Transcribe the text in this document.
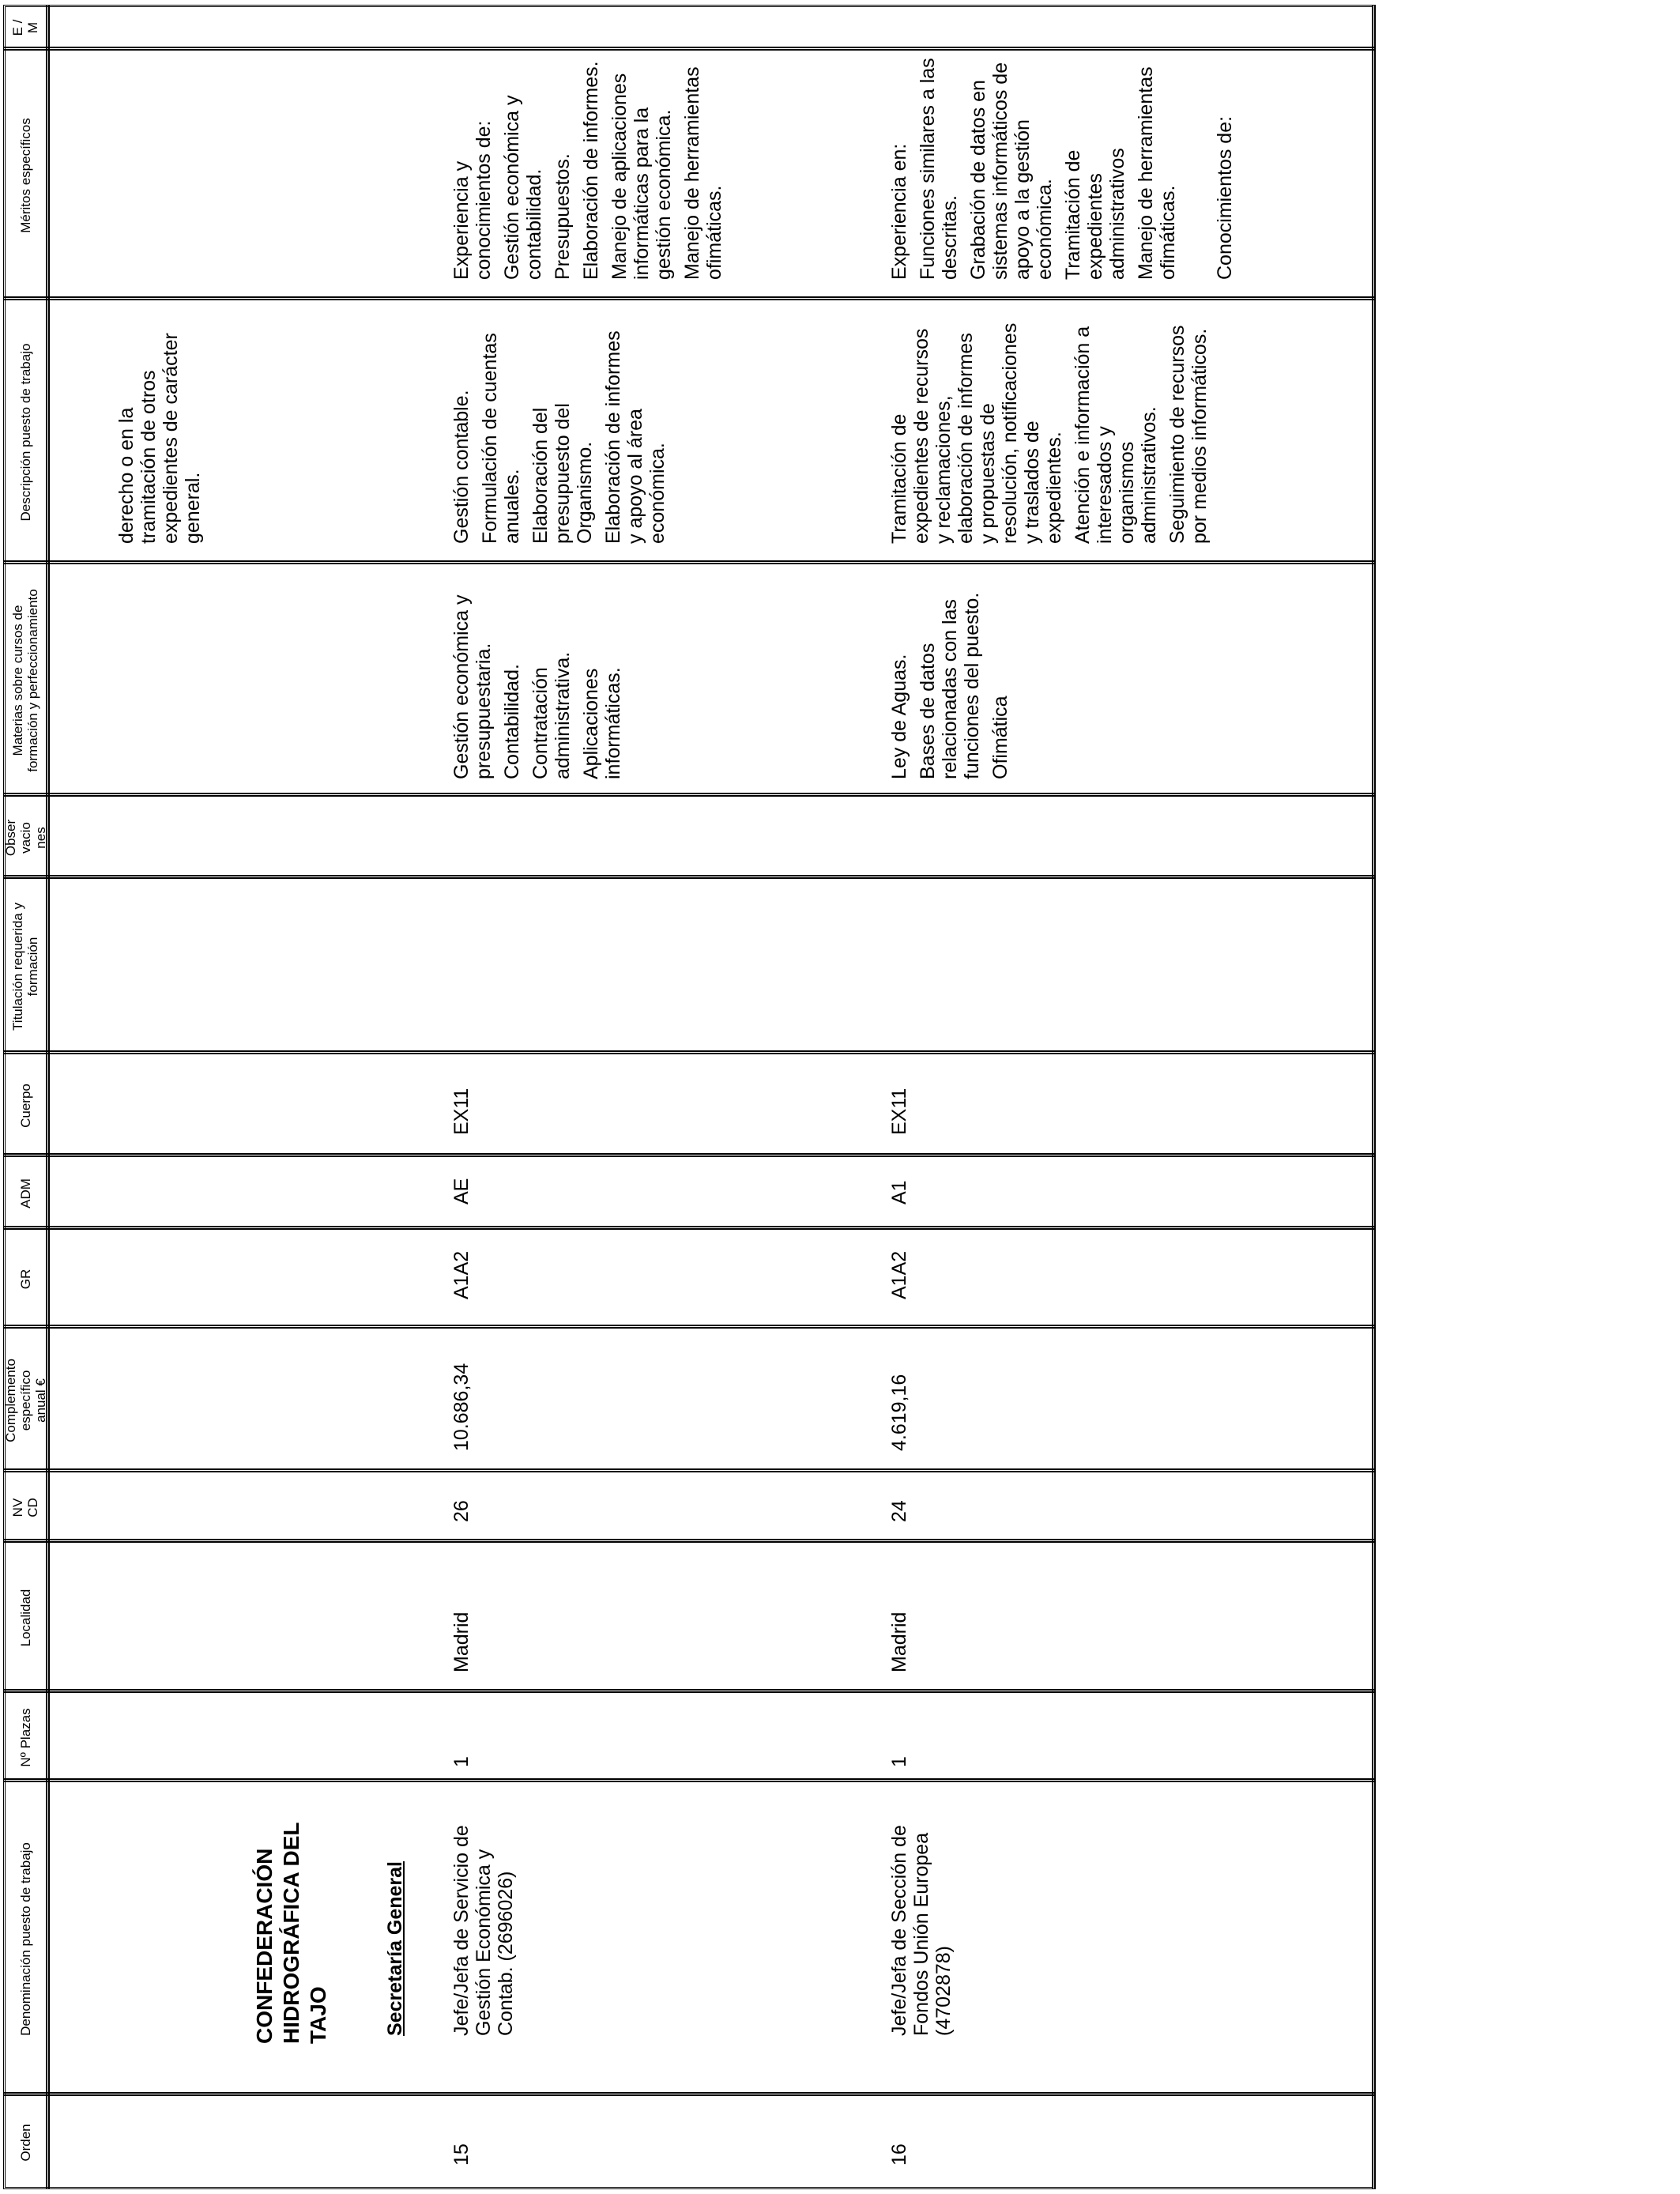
Orden
Denominación puesto de trabajo
Nº Plazas
Localidad
NV CD
Complemento específico anual €
GR
ADM
Cuerpo
Titulación requerida y formación
Obser vacio nes
Materias sobre cursos de formación y perfeccionamiento
Descripción puesto de trabajo
Méritos específicos
E / M
derecho o en la tramitación de otros expedientes de carácter general.
CONFEDERACIÓN HIDROGRÁFICA DEL TAJO	Secretaría General
15
Jefe/Jefa de Servicio de Gestión Económica y Contab. (2696026)
1
Madrid
26
10.686,34
A1A2
AE
EX11

Gestión económica y presupuestaria. Contabilidad. Contratación administrativa. Aplicaciones informáticas.

Gestión contable. Formulación de cuentas anuales. Elaboración del presupuesto del Organismo. Elaboración de informes y apoyo al área económica.

Experiencia y conocimientos de: Gestión económica y contabilidad. Presupuestos. Elaboración de informes. Manejo de aplicaciones informáticas para la gestión económica. Manejo de herramientas ofimáticas.

16
Jefe/Jefa de Sección de Fondos Unión Europea (4702878)
1
Madrid
24
4.619,16
A1A2
A1
EX11

Ley de Aguas. Bases de datos relacionadas con las funciones del puesto. Ofimática

Tramitación de expedientes de recursos y reclamaciones, elaboración de informes y propuestas de resolución, notificaciones y traslados de expedientes. Atención e información a interesados y organismos administrativos. Seguimiento de recursos por medios informáticos.

Experiencia en: Funciones similares a las descritas. Grabación de datos en sistemas informáticos de apoyo a la gestión económica. Tramitación de expedientes administrativos Manejo de herramientas ofimáticas. Conocimientos de:
